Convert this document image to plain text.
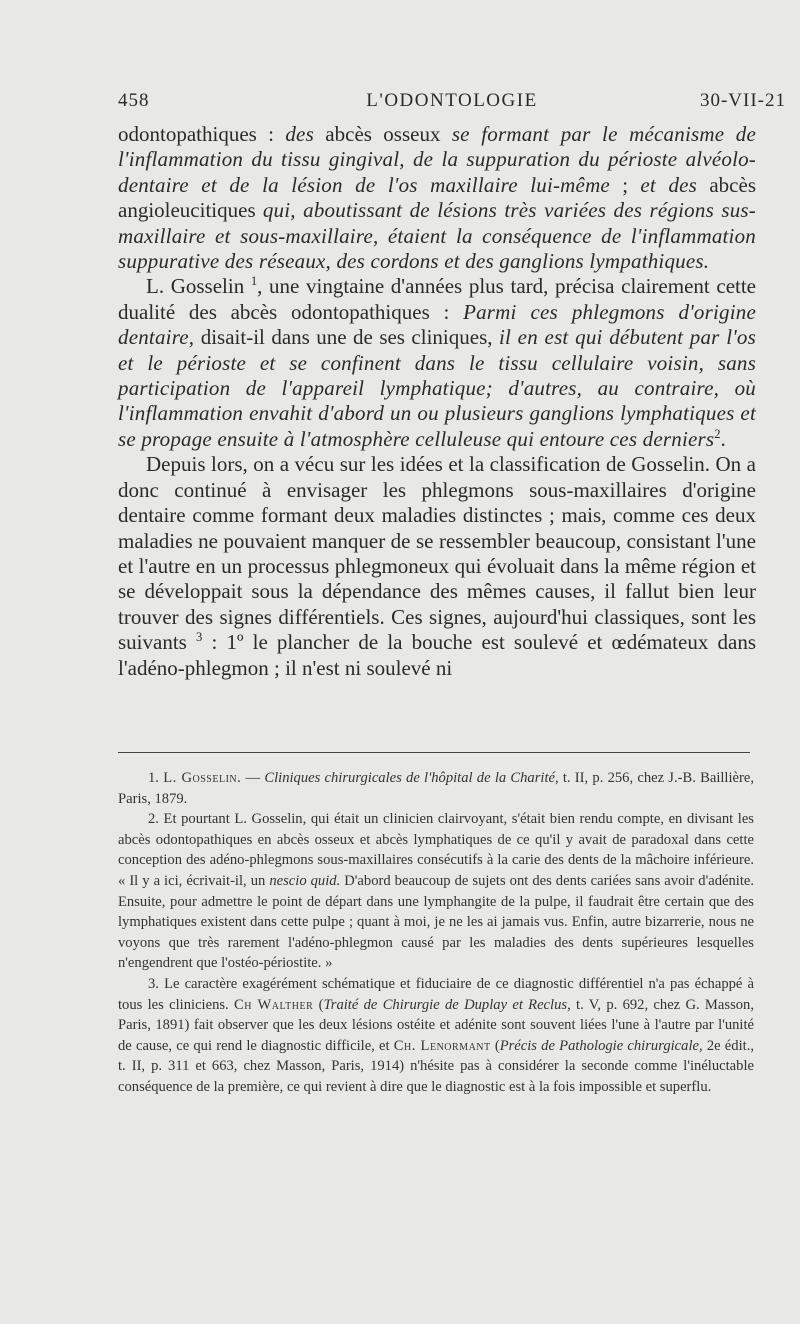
458	L'ODONTOLOGIE	30-VII-21

odontopathiques : des abcès osseux se formant par le mécanisme de l'inflammation du tissu gingival, de la suppuration du périoste alvéolo-dentaire et de la lésion de l'os maxillaire lui-même ; et des abcès angioleucitiques qui, aboutissant de lésions très variées des régions sus-maxillaire et sous-maxillaire, étaient la conséquence de l'inflammation suppurative des réseaux, des cordons et des ganglions lympathiques.

L. Gosselin $^1$, une vingtaine d'années plus tard, précisa clairement cette dualité des abcès odontopathiques : Parmi ces phlegmons d'origine dentaire, disait-il dans une de ses cliniques, il en est qui débutent par l'os et le périoste et se confinent dans le tissu cellulaire voisin, sans participation de l'appareil lymphatique; d'autres, au contraire, où l'inflammation envahit d'abord un ou plusieurs ganglions lymphatiques et se propage ensuite à l'atmosphère celluleuse qui entoure ces derniers$^2$.

Depuis lors, on a vécu sur les idées et la classification de Gosselin. On a donc continué à envisager les phlegmons sous-maxillaires d'origine dentaire comme formant deux maladies distinctes ; mais, comme ces deux maladies ne pouvaient manquer de se ressembler beaucoup, consistant l'une et l'autre en un processus phlegmoneux qui évoluait dans la même région et se développait sous la dépendance des mêmes causes, il fallut bien leur trouver des signes différentiels. Ces signes, aujourd'hui classiques, sont les suivants $^3$ : 1º le plancher de la bouche est soulevé et œdémateux dans l'adéno-phlegmon ; il n'est ni soulevé ni

1. L. Gosselin. — Cliniques chirurgicales de l'hôpital de la Charité, t. II, p. 256, chez J.-B. Baillière, Paris, 1879.

2. Et pourtant L. Gosselin, qui était un clinicien clairvoyant, s'était bien rendu compte, en divisant les abcès odontopathiques en abcès osseux et abcès lymphatiques de ce qu'il y avait de paradoxal dans cette conception des adéno-phlegmons sous-maxillaires consécutifs à la carie des dents de la mâchoire inférieure. « Il y a ici, écrivait-il, un nescio quid. D'abord beaucoup de sujets ont des dents cariées sans avoir d'adénite. Ensuite, pour admettre le point de départ dans une lymphangite de la pulpe, il faudrait être certain que des lymphatiques existent dans cette pulpe ; quant à moi, je ne les ai jamais vus. Enfin, autre bizarrerie, nous ne voyons que très rarement l'adéno-phlegmon causé par les maladies des dents supérieures lesquelles n'engendrent que l'ostéo-périostite. »

3. Le caractère exagérément schématique et fiduciaire de ce diagnostic différentiel n'a pas échappé à tous les cliniciens. Ch Walther (Traité de Chirurgie de Duplay et Reclus, t. V, p. 692, chez G. Masson, Paris, 1891) fait observer que les deux lésions ostéite et adénite sont souvent liées l'une à l'autre par l'unité de cause, ce qui rend le diagnostic difficile, et Ch. Lenormant (Précis de Pathologie chirurgicale, 2e édit., t. II, p. 311 et 663, chez Masson, Paris, 1914) n'hésite pas à considérer la seconde comme l'inéluctable conséquence de la première, ce qui revient à dire que le diagnostic est à la fois impossible et superflu.
